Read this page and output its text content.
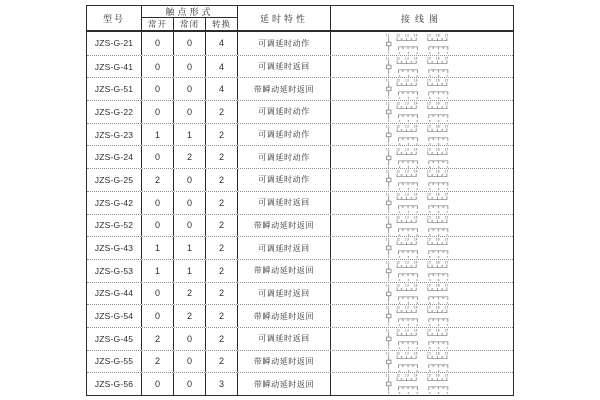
型号
触点形式
常开	常闭	转换
延时特性	接线图
JZS-G-21	0	0	4	可调延时动作
11 12 13 14	15 16 17
× ×	× ×
× ×	× ×
1	2 3 4	5 6 7
JZS-G-41	0	0	4	可调延时返回
11 12 13 14	15 16 17
× ×	× ×
× ×	× ×
1	2 3 4	5 6 7
JZS-G-51	0	0	4	带瞬动延时返回
11 12 13 14	15 16 17
× ×	× ×
× ×	× ×
1	2 3 4	5 6 7
JZS-G-22	0	0	2	可调延时动作
11 12 13 14	15 16 17
× ×	× ×
× ×	× ×
1	2 3 4	5 6 7
JZS-G-23	1	1	2	可调延时动作
11 12 13 14	15 16 17
× ×	× ×
× ×	× ×
1	2 3 4	5 6 7
JZS-G-24	0	2	2	可调延时动作
11 12 13 14	15 16 17
× ×	× ×
× ×	× ×
1	2 3 4	5 6 7
JZS-G-25	2	0	2	可调延时动作
11 12 13 14	15 16 17
× ×	× ×
× ×	× ×
1	2 3 4	5 6 7
JZS-G-42	0	0	2	可调延时返回
11 12 13 14	15 16 17
× ×	× ×
× ×	× ×
1	2 3 4	5 6 7
JZS-G-52	0	0	2	带瞬动延时返回
11 12 13 14	15 16 17
× ×	× ×
× ×	× ×
1	2 3 4	5 6 7
JZS-G-43	1	1	2	可调延时返回
11 12 13 14	15 16 17
× ×	× ×
× ×	× ×
1	2 3 4	5 6 7
JZS-G-53	1	1	2	带瞬动延时返回
11 12 13 14	15 16 17
× ×	× ×
× ×	× ×
1	2 3 4	5 6 7
JZS-G-44	0	2	2	可调延时返回
11 12 13 14	15 16 17
× ×	× ×
× ×	× ×
1	2 3 4	5 6 7
JZS-G-54	0	2	2	带瞬动延时返回
11 12 13 14	15 16 17
× ×	× ×
× ×	× ×
1	2 3 4	5 6 7
JZS-G-45	2	0	2	可调延时返回
11 12 13 14	15 16 17
× ×	× ×
× ×	× ×
1	2 3 4	5 6 7
JZS-G-55	2	0	2	带瞬动延时返回
11 12 13 14	15 16 17
× ×	× ×
× ×	× ×
1	2 3 4	5 6 7
JZS-G-56	0	0	3	带瞬动延时返回
11 12 13 14	15 16 17
× ×	× ×
× ×	× ×
1	2 3 4	5 6 7
